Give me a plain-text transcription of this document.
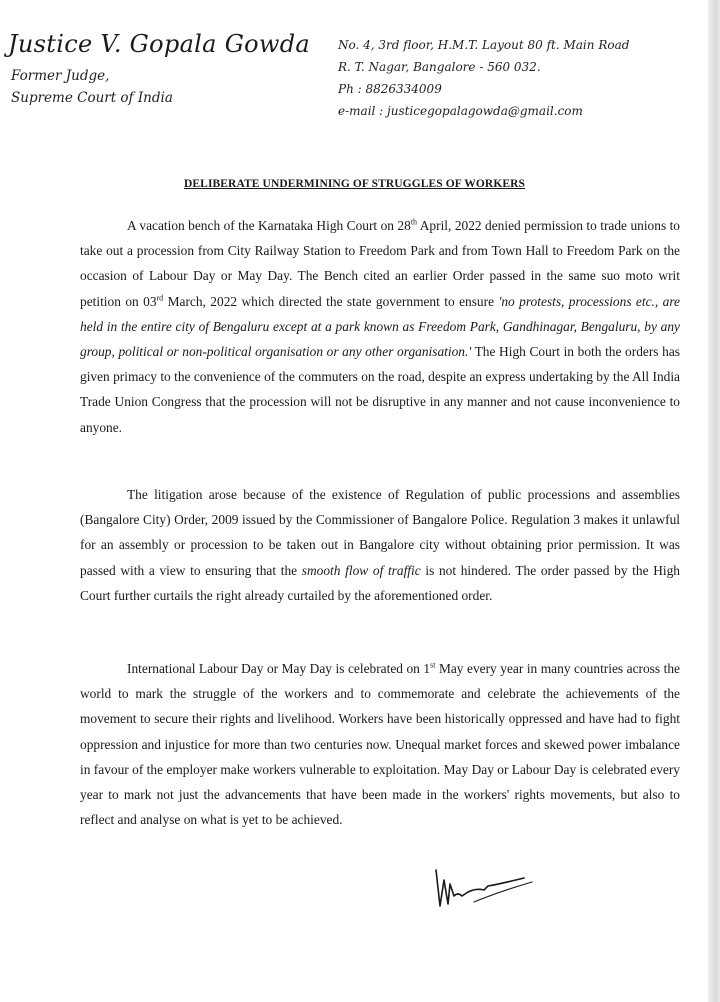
Justice V. Gopala Gowda
Former Judge,
Supreme Court of India
No. 4, 3rd floor, H.M.T. Layout 80 ft. Main Road
R. T. Nagar, Bangalore - 560 032.
Ph : 8826334009
e-mail : justicegopalagowda@gmail.com
DELIBERATE UNDERMINING OF STRUGGLES OF WORKERS

A vacation bench of the Karnataka High Court on 28th April, 2022 denied permission to trade unions to take out a procession from City Railway Station to Freedom Park and from Town Hall to Freedom Park on the occasion of Labour Day or May Day. The Bench cited an earlier Order passed in the same suo moto writ petition on 03rd March, 2022 which directed the state government to ensure 'no protests, processions etc., are held in the entire city of Bengaluru except at a park known as Freedom Park, Gandhinagar, Bengaluru, by any group, political or non-political organisation or any other organisation.' The High Court in both the orders has given primacy to the convenience of the commuters on the road, despite an express undertaking by the All India Trade Union Congress that the procession will not be disruptive in any manner and not cause inconvenience to anyone.

The litigation arose because of the existence of Regulation of public processions and assemblies (Bangalore City) Order, 2009 issued by the Commissioner of Bangalore Police. Regulation 3 makes it unlawful for an assembly or procession to be taken out in Bangalore city without obtaining prior permission. It was passed with a view to ensuring that the smooth flow of traffic is not hindered. The order passed by the High Court further curtails the right already curtailed by the aforementioned order.

International Labour Day or May Day is celebrated on 1st May every year in many countries across the world to mark the struggle of the workers and to commemorate and celebrate the achievements of the movement to secure their rights and livelihood. Workers have been historically oppressed and have had to fight oppression and injustice for more than two centuries now. Unequal market forces and skewed power imbalance in favour of the employer make workers vulnerable to exploitation. May Day or Labour Day is celebrated every year to mark not just the advancements that have been made in the workers' rights movements, but also to reflect and analyse on what is yet to be achieved.
